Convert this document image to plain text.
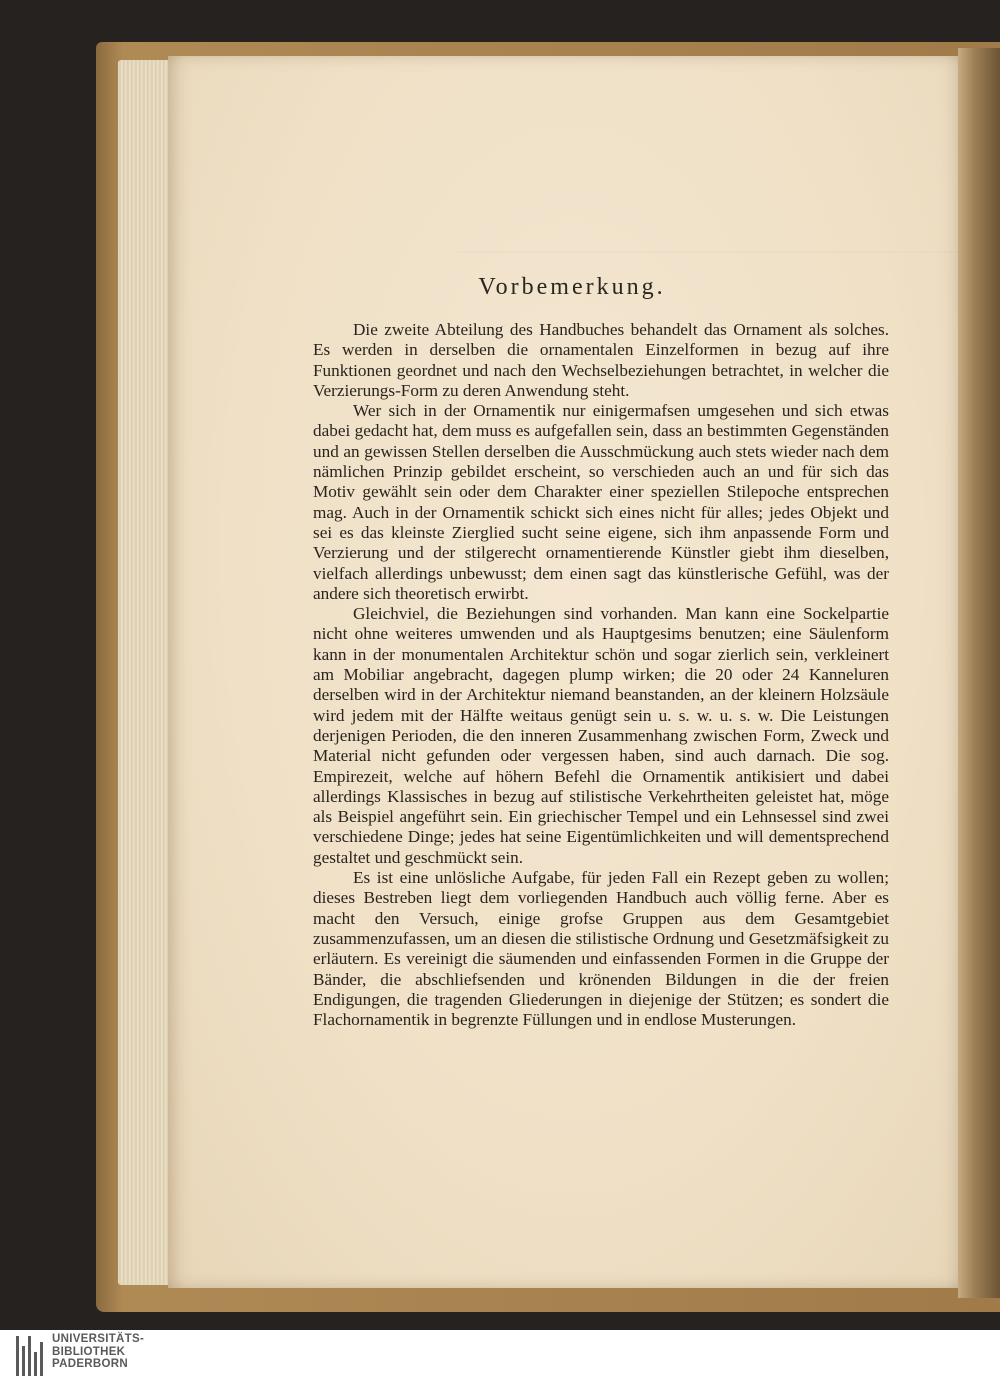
Vorbemerkung.

Die zweite Abteilung des Handbuches behandelt das Ornament als solches. Es werden in derselben die ornamentalen Einzelformen in bezug auf ihre Funktionen geordnet und nach den Wechselbeziehungen betrachtet, in welcher die Verzierungs-Form zu deren Anwendung steht.

Wer sich in der Ornamentik nur einigermafsen umgesehen und sich etwas dabei gedacht hat, dem muss es aufgefallen sein, dass an bestimmten Gegenständen und an gewissen Stellen derselben die Ausschmückung auch stets wieder nach dem nämlichen Prinzip gebildet erscheint, so verschieden auch an und für sich das Motiv gewählt sein oder dem Charakter einer speziellen Stilepoche entsprechen mag. Auch in der Ornamentik schickt sich eines nicht für alles; jedes Objekt und sei es das kleinste Zierglied sucht seine eigene, sich ihm anpassende Form und Verzierung und der stilgerecht ornamentierende Künstler giebt ihm dieselben, vielfach allerdings unbewusst; dem einen sagt das künstlerische Gefühl, was der andere sich theoretisch erwirbt.

Gleichviel, die Beziehungen sind vorhanden. Man kann eine Sockelpartie nicht ohne weiteres umwenden und als Hauptgesims benutzen; eine Säulenform kann in der monumentalen Architektur schön und sogar zierlich sein, verkleinert am Mobiliar angebracht, dagegen plump wirken; die 20 oder 24 Kanneluren derselben wird in der Architektur niemand beanstanden, an der kleinern Holzsäule wird jedem mit der Hälfte weitaus genügt sein u. s. w. u. s. w. Die Leistungen derjenigen Perioden, die den inneren Zusammenhang zwischen Form, Zweck und Material nicht gefunden oder vergessen haben, sind auch darnach. Die sog. Empirezeit, welche auf höhern Befehl die Ornamentik antikisiert und dabei allerdings Klassisches in bezug auf stilistische Verkehrtheiten geleistet hat, möge als Beispiel angeführt sein. Ein griechischer Tempel und ein Lehnsessel sind zwei verschiedene Dinge; jedes hat seine Eigentümlichkeiten und will dementsprechend gestaltet und geschmückt sein.

Es ist eine unlösliche Aufgabe, für jeden Fall ein Rezept geben zu wollen; dieses Bestreben liegt dem vorliegenden Handbuch auch völlig ferne. Aber es macht den Versuch, einige grofse Gruppen aus dem Gesamtgebiet zusammenzufassen, um an diesen die stilistische Ordnung und Gesetzmäfsigkeit zu erläutern. Es vereinigt die säumenden und einfassenden Formen in die Gruppe der Bänder, die abschliefsenden und krönenden Bildungen in die der freien Endigungen, die tragenden Gliederungen in diejenige der Stützen; es sondert die Flachornamentik in begrenzte Füllungen und in endlose Musterungen.

UNIVERSITÄTS-
BIBLIOTHEK
PADERBORN
